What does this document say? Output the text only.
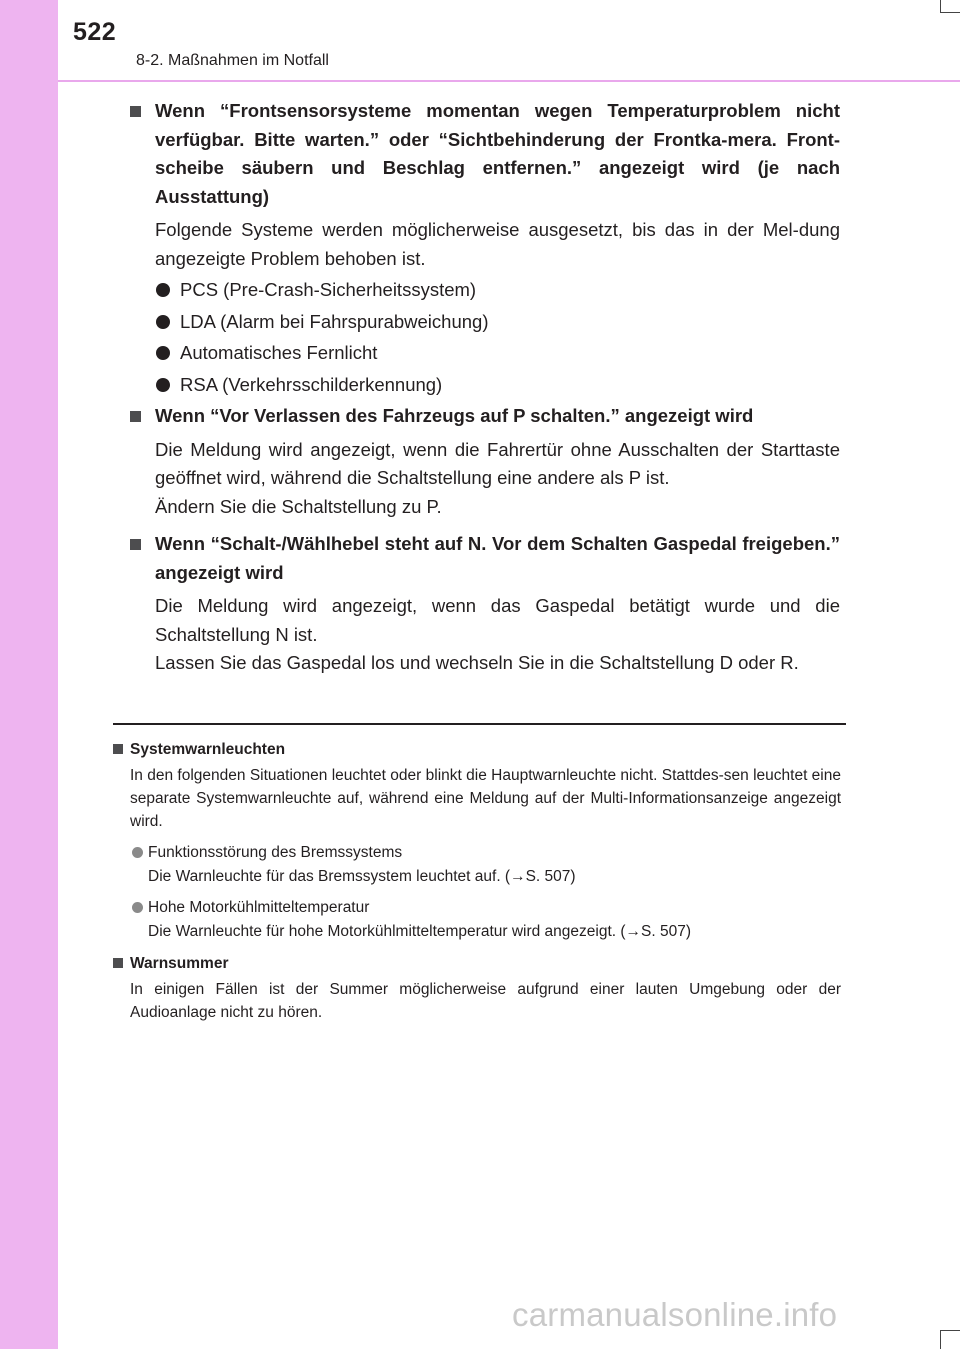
522
8-2. Maßnahmen im Notfall
Wenn “Frontsensorsysteme momentan wegen Temperaturproblem nicht verfügbar. Bitte warten.” oder “Sichtbehinderung der Frontka-mera. Front-scheibe säubern und Beschlag entfernen.” angezeigt wird (je nach Ausstattung)
Folgende Systeme werden möglicherweise ausgesetzt, bis das in der Mel-dung angezeigte Problem behoben ist.
PCS (Pre-Crash-Sicherheitssystem)
LDA (Alarm bei Fahrspurabweichung)
Automatisches Fernlicht
RSA (Verkehrsschilderkennung)
Wenn “Vor Verlassen des Fahrzeugs auf P schalten.” angezeigt wird
Die Meldung wird angezeigt, wenn die Fahrertür ohne Ausschalten der Starttaste geöffnet wird, während die Schaltstellung eine andere als P ist.
Ändern Sie die Schaltstellung zu P.
Wenn “Schalt-/Wählhebel steht auf N. Vor dem Schalten Gaspedal freigeben.” angezeigt wird
Die Meldung wird angezeigt, wenn das Gaspedal betätigt wurde und die Schaltstellung N ist.
Lassen Sie das Gaspedal los und wechseln Sie in die Schaltstellung D oder R.
Systemwarnleuchten
In den folgenden Situationen leuchtet oder blinkt die Hauptwarnleuchte nicht. Stattdes-sen leuchtet eine separate Systemwarnleuchte auf, während eine Meldung auf der Multi-Informationsanzeige angezeigt wird.
Funktionsstörung des Bremssystems
Die Warnleuchte für das Bremssystem leuchtet auf. (→S. 507)
Hohe Motorkühlmitteltemperatur
Die Warnleuchte für hohe Motorkühlmitteltemperatur wird angezeigt. (→S. 507)
Warnsummer
In einigen Fällen ist der Summer möglicherweise aufgrund einer lauten Umgebung oder der Audioanlage nicht zu hören.
carmanualsonline.info
